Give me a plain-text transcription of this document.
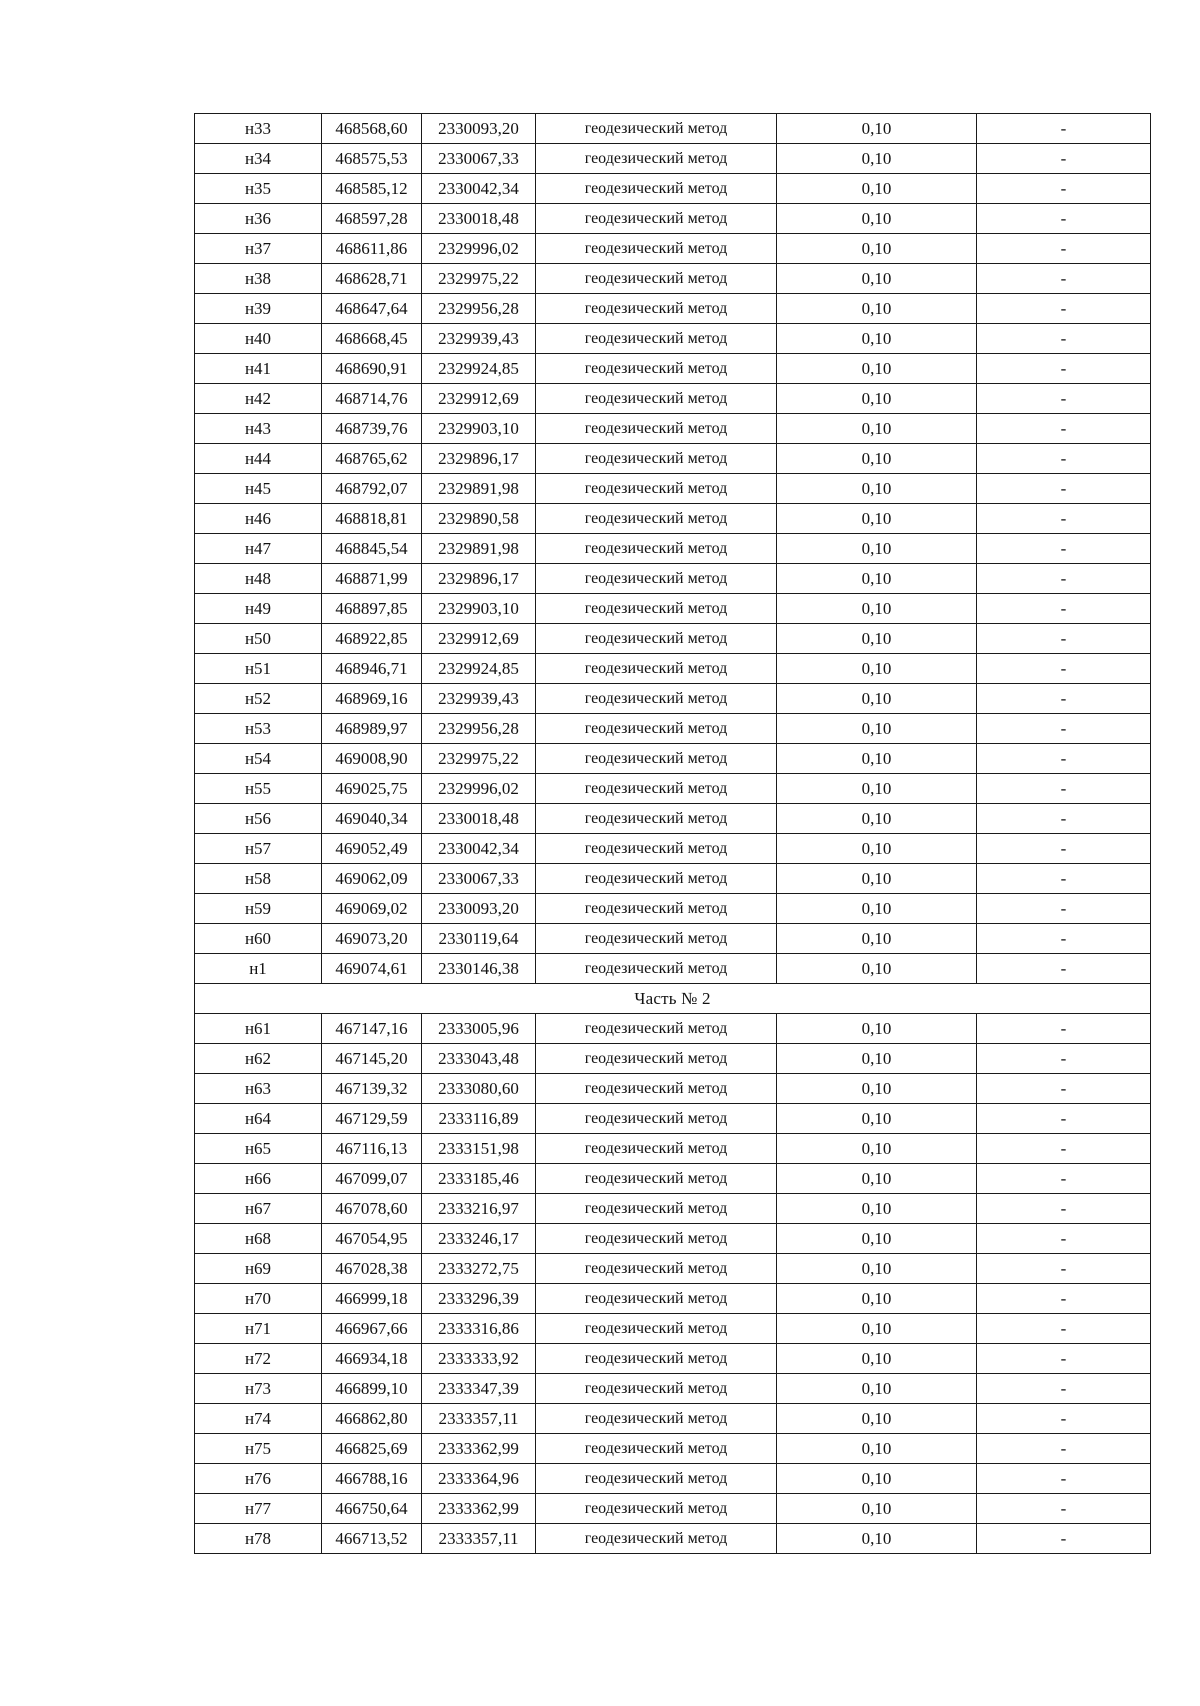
н33	468568,60	2330093,20	геодезический метод	0,10	-
н34	468575,53	2330067,33	геодезический метод	0,10	-
н35	468585,12	2330042,34	геодезический метод	0,10	-
н36	468597,28	2330018,48	геодезический метод	0,10	-
н37	468611,86	2329996,02	геодезический метод	0,10	-
н38	468628,71	2329975,22	геодезический метод	0,10	-
н39	468647,64	2329956,28	геодезический метод	0,10	-
н40	468668,45	2329939,43	геодезический метод	0,10	-
н41	468690,91	2329924,85	геодезический метод	0,10	-
н42	468714,76	2329912,69	геодезический метод	0,10	-
н43	468739,76	2329903,10	геодезический метод	0,10	-
н44	468765,62	2329896,17	геодезический метод	0,10	-
н45	468792,07	2329891,98	геодезический метод	0,10	-
н46	468818,81	2329890,58	геодезический метод	0,10	-
н47	468845,54	2329891,98	геодезический метод	0,10	-
н48	468871,99	2329896,17	геодезический метод	0,10	-
н49	468897,85	2329903,10	геодезический метод	0,10	-
н50	468922,85	2329912,69	геодезический метод	0,10	-
н51	468946,71	2329924,85	геодезический метод	0,10	-
н52	468969,16	2329939,43	геодезический метод	0,10	-
н53	468989,97	2329956,28	геодезический метод	0,10	-
н54	469008,90	2329975,22	геодезический метод	0,10	-
н55	469025,75	2329996,02	геодезический метод	0,10	-
н56	469040,34	2330018,48	геодезический метод	0,10	-
н57	469052,49	2330042,34	геодезический метод	0,10	-
н58	469062,09	2330067,33	геодезический метод	0,10	-
н59	469069,02	2330093,20	геодезический метод	0,10	-
н60	469073,20	2330119,64	геодезический метод	0,10	-
н1	469074,61	2330146,38	геодезический метод	0,10	-
Часть № 2					
н61	467147,16	2333005,96	геодезический метод	0,10	-
н62	467145,20	2333043,48	геодезический метод	0,10	-
н63	467139,32	2333080,60	геодезический метод	0,10	-
н64	467129,59	2333116,89	геодезический метод	0,10	-
н65	467116,13	2333151,98	геодезический метод	0,10	-
н66	467099,07	2333185,46	геодезический метод	0,10	-
н67	467078,60	2333216,97	геодезический метод	0,10	-
н68	467054,95	2333246,17	геодезический метод	0,10	-
н69	467028,38	2333272,75	геодезический метод	0,10	-
н70	466999,18	2333296,39	геодезический метод	0,10	-
н71	466967,66	2333316,86	геодезический метод	0,10	-
н72	466934,18	2333333,92	геодезический метод	0,10	-
н73	466899,10	2333347,39	геодезический метод	0,10	-
н74	466862,80	2333357,11	геодезический метод	0,10	-
н75	466825,69	2333362,99	геодезический метод	0,10	-
н76	466788,16	2333364,96	геодезический метод	0,10	-
н77	466750,64	2333362,99	геодезический метод	0,10	-
н78	466713,52	2333357,11	геодезический метод	0,10	-
